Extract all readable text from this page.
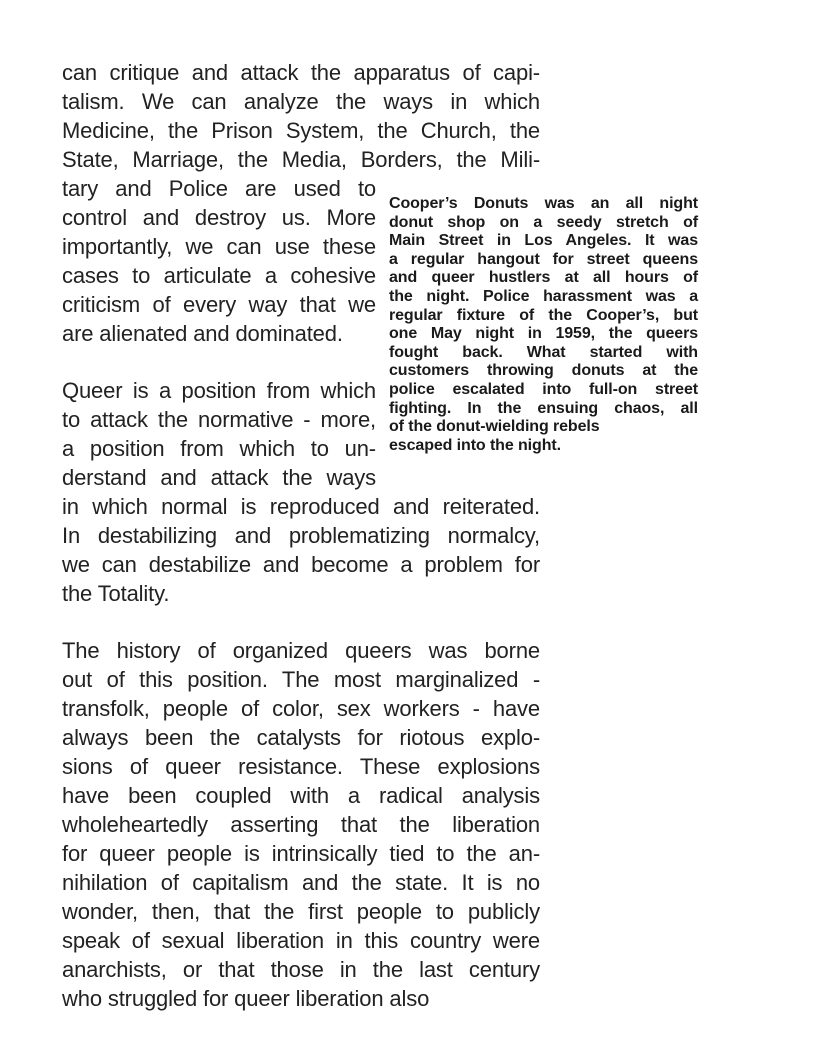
can critique and attack the apparatus of capi-
talism. We can analyze the ways in which
Medicine, the Prison System, the Church, the
State, Marriage, the Media, Borders, the Mili-
tary and Police are used to
control and destroy us. More
importantly, we can use these
cases to articulate a cohesive
criticism of every way that we
are alienated and dominated.
Queer is a position from which
to attack the normative - more,
a position from which to un-
derstand and attack the ways
in which normal is reproduced and reiterated.
In destabilizing and problematizing normalcy,
we can destabilize and become a problem for
the Totality.
The history of organized queers was borne
out of this position. The most marginalized -
transfolk, people of color, sex workers - have
always been the catalysts for riotous explo-
sions of queer resistance. These explosions
have been coupled with a radical analysis
wholeheartedly asserting that the liberation
for queer people is intrinsically tied to the an-
nihilation of capitalism and the state. It is no
wonder, then, that the first people to publicly
speak of sexual liberation in this country were
anarchists, or that those in the last century
who struggled for queer liberation also
Cooper’s Donuts was an all night
donut shop on a seedy stretch of
Main Street in Los Angeles. It was
a regular hangout for street queens
and queer hustlers at all hours of
the night. Police harassment was a
regular fixture of the Cooper’s, but
one May night in 1959, the queers
fought back. What started with
customers throwing donuts at the
police escalated into full-on street
fighting. In the ensuing chaos, all
of the donut-wielding rebels
escaped into the night.
